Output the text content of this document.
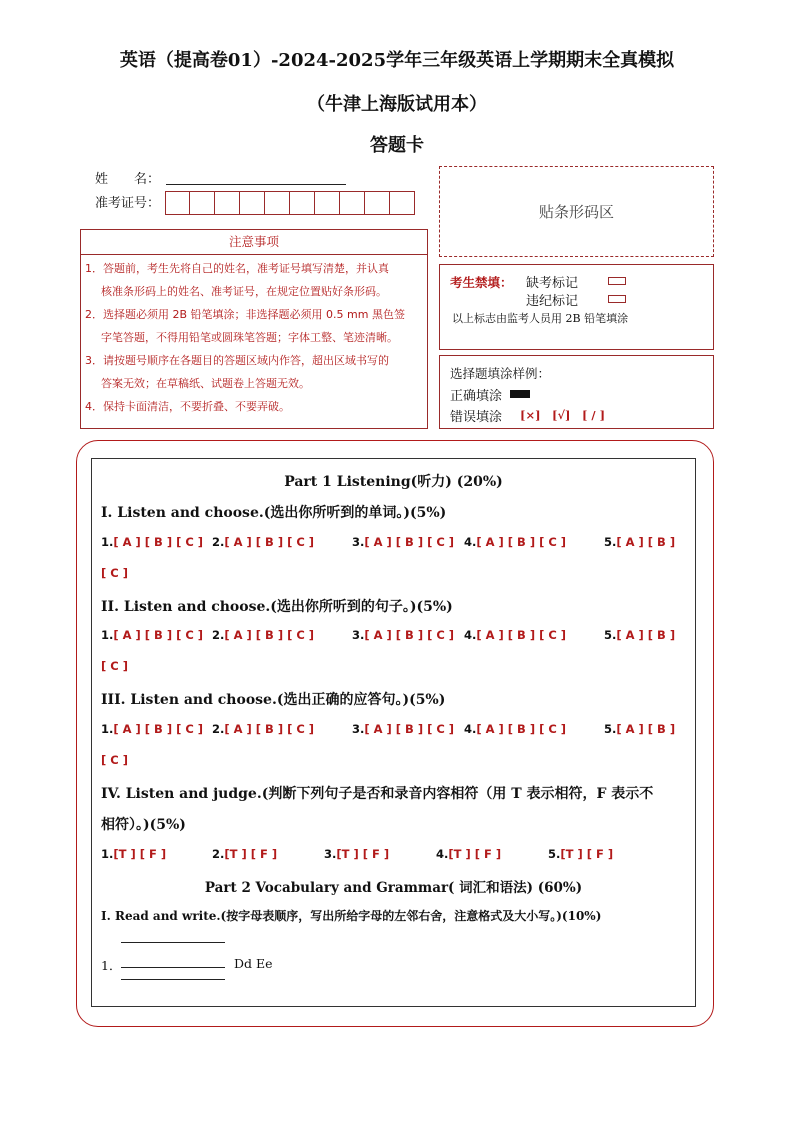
英语（提高卷01）-2024-2025学年三年级英语上学期期末全真模拟
（牛津上海版试用本）
答题卡
姓　　名：
准考证号：	贴条形码区
注意事项
1．答题前，考生先将自己的姓名，准考证号填写清楚，并认真
核准条形码上的姓名、准考证号，在规定位置贴好条形码。
2．选择题必须用 2B 铅笔填涂；非选择题必须用 0.5 mm 黑色签
字笔答题，不得用铅笔或圆珠笔答题；字体工整、笔迹清晰。
3．请按题号顺序在各题目的答题区域内作答，超出区域书写的
答案无效；在草稿纸、试题卷上答题无效。
4．保持卡面清洁，不要折叠、不要弄破。
考生禁填： 缺考标记
违纪标记
以上标志由监考人员用 2B 铅笔填涂
选择题填涂样例：
正确填涂
错误填涂 [×]　[√]　[ / ]
Part 1 Listening(听力) (20%)
I. Listen and choose.(选出你所听到的单词。)(5%)
1.[ A ] [ B ] [ C ] 2.[ A ] [ B ] [ C ]	3.[ A ] [ B ] [ C ] 4.[ A ] [ B ] [ C ]	5.[ A ] [ B ]
[ C ]
II. Listen and choose.(选出你所听到的句子。)(5%)
1.[ A ] [ B ] [ C ] 2.[ A ] [ B ] [ C ]	3.[ A ] [ B ] [ C ] 4.[ A ] [ B ] [ C ]	5.[ A ] [ B ]
[ C ]
III. Listen and choose.(选出正确的应答句。)(5%)
1.[ A ] [ B ] [ C ] 2.[ A ] [ B ] [ C ]	3.[ A ] [ B ] [ C ] 4.[ A ] [ B ] [ C ]	5.[ A ] [ B ]
[ C ]
IV. Listen and judge.(判断下列句子是否和录音内容相符（用 T 表示相符，F 表示不
相符）。)(5%)
1.[T ] [ F ]	2.[T ] [ F ]	3.[T ] [ F ]	4.[T ] [ F ]	5.[T ] [ F ]
Part 2 Vocabulary and Grammar( 词汇和语法) (60%)
I. Read and write.(按字母表顺序，写出所给字母的左邻右舍，注意格式及大小写。)(10%)
1．	Dd Ee
